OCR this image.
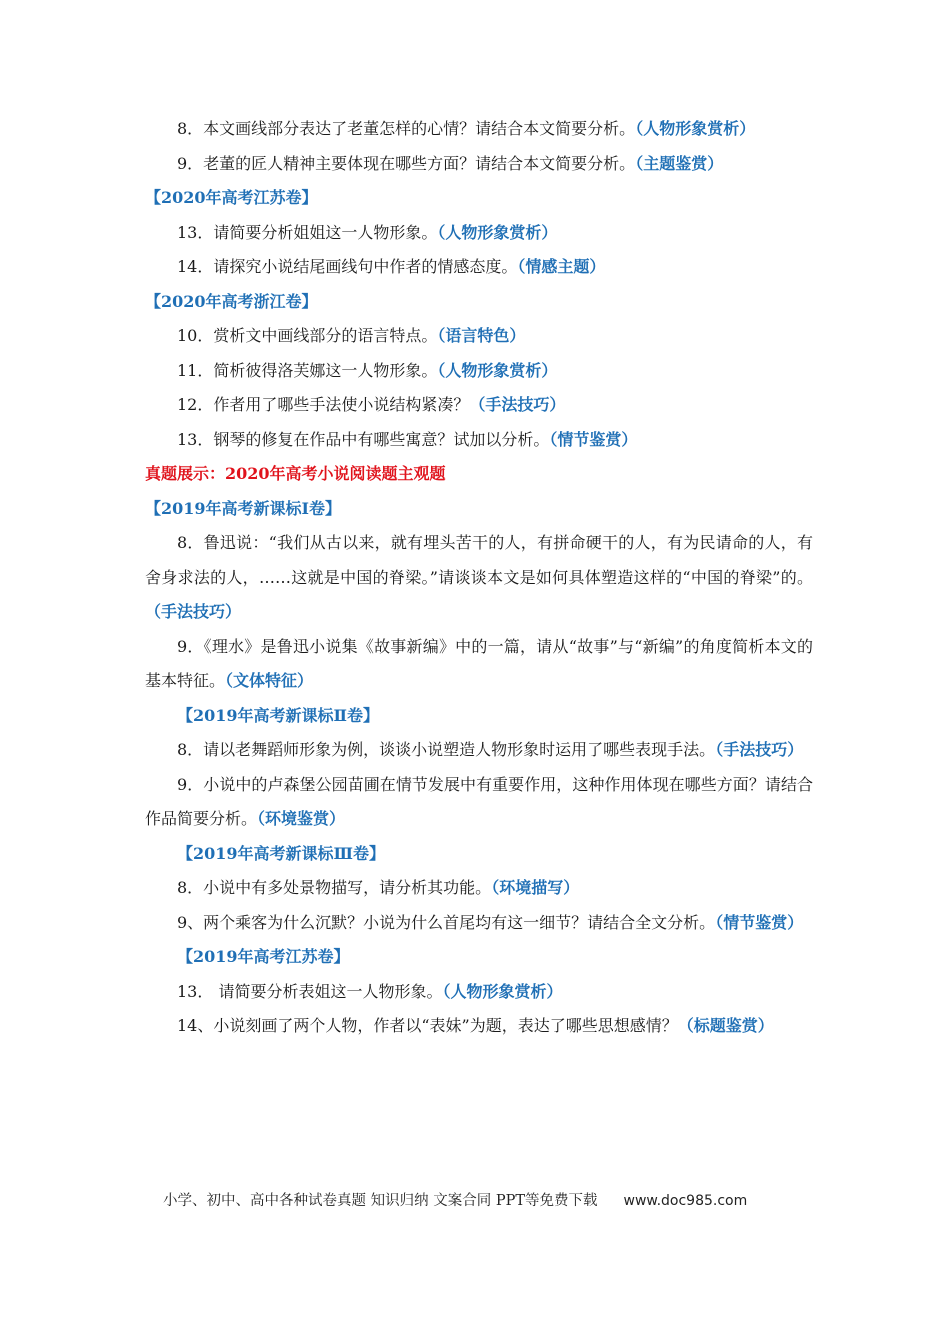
8．本文画线部分表达了老董怎样的心情？请结合本文简要分析。（人物形象赏析）
9．老董的匠人精神主要体现在哪些方面？请结合本文简要分析。（主题鉴赏）
【2020年高考江苏卷】
13．请简要分析姐姐这一人物形象。（人物形象赏析）
14．请探究小说结尾画线句中作者的情感态度。（情感主题）
【2020年高考浙江卷】
10．赏析文中画线部分的语言特点。（语言特色）
11．简析彼得洛芙娜这一人物形象。（人物形象赏析）
12．作者用了哪些手法使小说结构紧凑？（手法技巧）
13．钢琴的修复在作品中有哪些寓意？试加以分析。（情节鉴赏）
真题展示：2020年高考小说阅读题主观题
【2019年高考新课标Ⅰ卷】
8．鲁迅说：“我们从古以来，就有埋头苦干的人，有拼命硬干的人，有为民请命的人，有舍身求法的人，……这就是中国的脊梁。”请谈谈本文是如何具体塑造这样的“中国的脊梁”的。（手法技巧）
9．《理水》是鲁迅小说集《故事新编》中的一篇，请从“故事”与“新编”的角度简析本文的基本特征。（文体特征）
【2019年高考新课标Ⅱ卷】
8．请以老舞蹈师形象为例，谈谈小说塑造人物形象时运用了哪些表现手法。（手法技巧）
9．小说中的卢森堡公园苗圃在情节发展中有重要作用，这种作用体现在哪些方面？请结合作品简要分析。（环境鉴赏）
【2019年高考新课标Ⅲ卷】
8．小说中有多处景物描写，请分析其功能。（环境描写）
9、两个乘客为什么沉默？小说为什么首尾均有这一细节？请结合全文分析。（情节鉴赏）
【2019年高考江苏卷】
13． 请简要分析表姐这一人物形象。（人物形象赏析）
14、小说刻画了两个人物，作者以“表妹”为题，表达了哪些思想感情？（标题鉴赏）
小学、初中、高中各种试卷真题 知识归纳 文案合同 PPT等免费下载 www.doc985.com
